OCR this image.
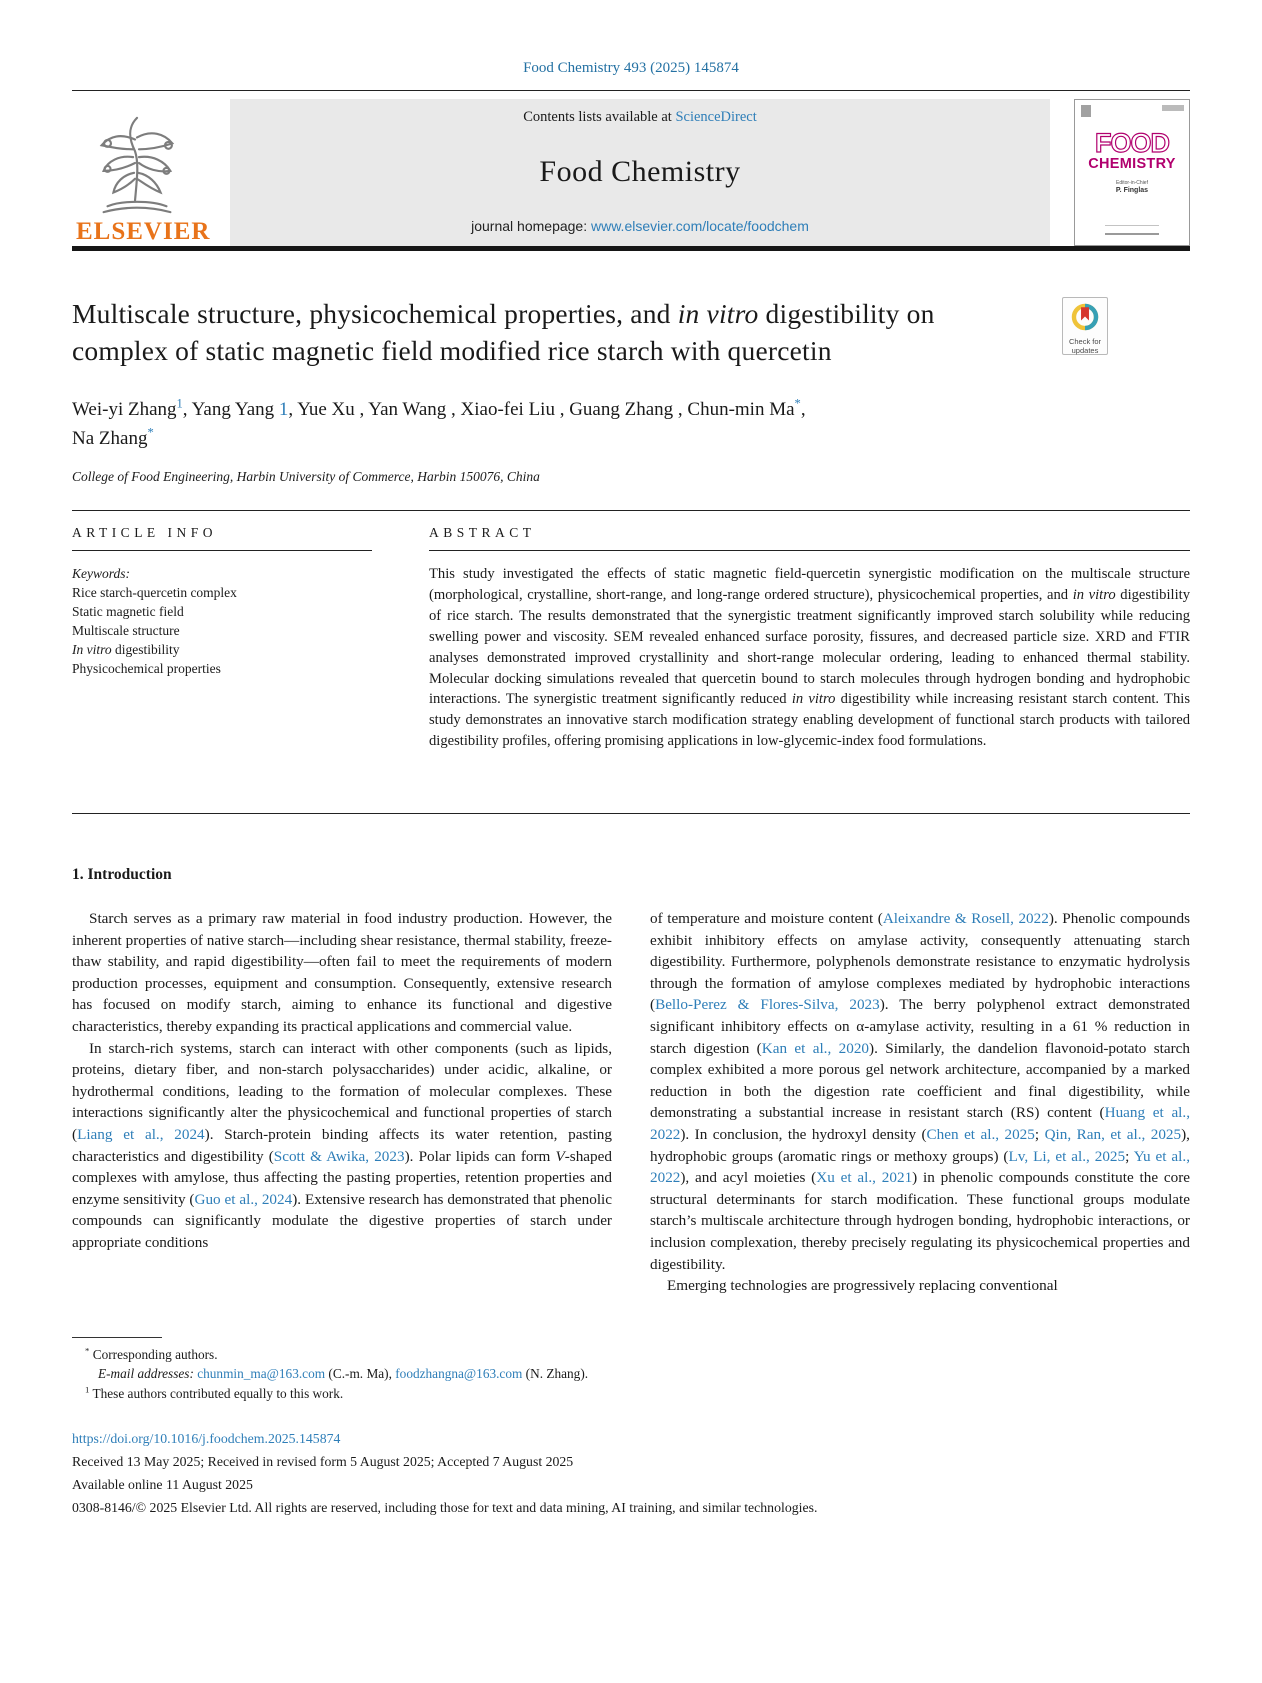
Food Chemistry 493 (2025) 145874
ELSEVIER
Contents lists available at ScienceDirect
Food Chemistry
journal homepage: www.elsevier.com/locate/foodchem
FOOD
CHEMISTRY
Editor-in-Chief
P. Finglas
Multiscale structure, physicochemical properties, and in vitro digestibility on complex of static magnetic field modified rice starch with quercetin	Check for
updates
Wei-yi Zhang$^1$, Yang Yang 1, Yue Xu , Yan Wang , Xiao-fei Liu , Guang Zhang , Chun-min Ma*,
Na Zhang*
College of Food Engineering, Harbin University of Commerce, Harbin 150076, China
ARTICLE INFO
Keywords:
Rice starch-quercetin complex
Static magnetic field
Multiscale structure
In vitro digestibility
Physicochemical properties
ABSTRACT
This study investigated the effects of static magnetic field-quercetin synergistic modification on the multiscale structure (morphological, crystalline, short-range, and long-range ordered structure), physicochemical properties, and in vitro digestibility of rice starch. The results demonstrated that the synergistic treatment significantly improved starch solubility while reducing swelling power and viscosity. SEM revealed enhanced surface porosity, fissures, and decreased particle size. XRD and FTIR analyses demonstrated improved crystallinity and short-range molecular ordering, leading to enhanced thermal stability. Molecular docking simulations revealed that quercetin bound to starch molecules through hydrogen bonding and hydrophobic interactions. The synergistic treatment significantly reduced in vitro digestibility while increasing resistant starch content. This study demonstrates an innovative starch modification strategy enabling development of functional starch products with tailored digestibility profiles, offering promising applications in low-glycemic-index food formulations.
1. Introduction

Starch serves as a primary raw material in food industry production. However, the inherent properties of native starch—including shear resistance, thermal stability, freeze-thaw stability, and rapid digestibility—often fail to meet the requirements of modern production processes, equipment and consumption. Consequently, extensive research has focused on modify starch, aiming to enhance its functional and digestive characteristics, thereby expanding its practical applications and commercial value.

In starch-rich systems, starch can interact with other components (such as lipids, proteins, dietary fiber, and non-starch polysaccharides) under acidic, alkaline, or hydrothermal conditions, leading to the formation of molecular complexes. These interactions significantly alter the physicochemical and functional properties of starch (Liang et al., 2024). Starch-protein binding affects its water retention, pasting characteristics and digestibility (Scott & Awika, 2023). Polar lipids can form V-shaped complexes with amylose, thus affecting the pasting properties, retention properties and enzyme sensitivity (Guo et al., 2024). Extensive research has demonstrated that phenolic compounds can significantly modulate the digestive properties of starch under appropriate conditions

of temperature and moisture content (Aleixandre & Rosell, 2022). Phenolic compounds exhibit inhibitory effects on amylase activity, consequently attenuating starch digestibility. Furthermore, polyphenols demonstrate resistance to enzymatic hydrolysis through the formation of amylose complexes mediated by hydrophobic interactions (Bello-Perez & Flores-Silva, 2023). The berry polyphenol extract demonstrated significant inhibitory effects on α-amylase activity, resulting in a 61 % reduction in starch digestion (Kan et al., 2020). Similarly, the dandelion flavonoid-potato starch complex exhibited a more porous gel network architecture, accompanied by a marked reduction in both the digestion rate coefficient and final digestibility, while demonstrating a substantial increase in resistant starch (RS) content (Huang et al., 2022). In conclusion, the hydroxyl density (Chen et al., 2025; Qin, Ran, et al., 2025), hydrophobic groups (aromatic rings or methoxy groups) (Lv, Li, et al., 2025; Yu et al., 2022), and acyl moieties (Xu et al., 2021) in phenolic compounds constitute the core structural determinants for starch modification. These functional groups modulate starch’s multiscale architecture through hydrogen bonding, hydrophobic interactions, or inclusion complexation, thereby precisely regulating its physicochemical properties and digestibility.

Emerging technologies are progressively replacing conventional

* Corresponding authors.
E-mail addresses: chunmin_ma@163.com (C.-m. Ma), foodzhangna@163.com (N. Zhang).
$^1$ These authors contributed equally to this work.
https://doi.org/10.1016/j.foodchem.2025.145874
Received 13 May 2025; Received in revised form 5 August 2025; Accepted 7 August 2025
Available online 11 August 2025
0308-8146/© 2025 Elsevier Ltd. All rights are reserved, including those for text and data mining, AI training, and similar technologies.
